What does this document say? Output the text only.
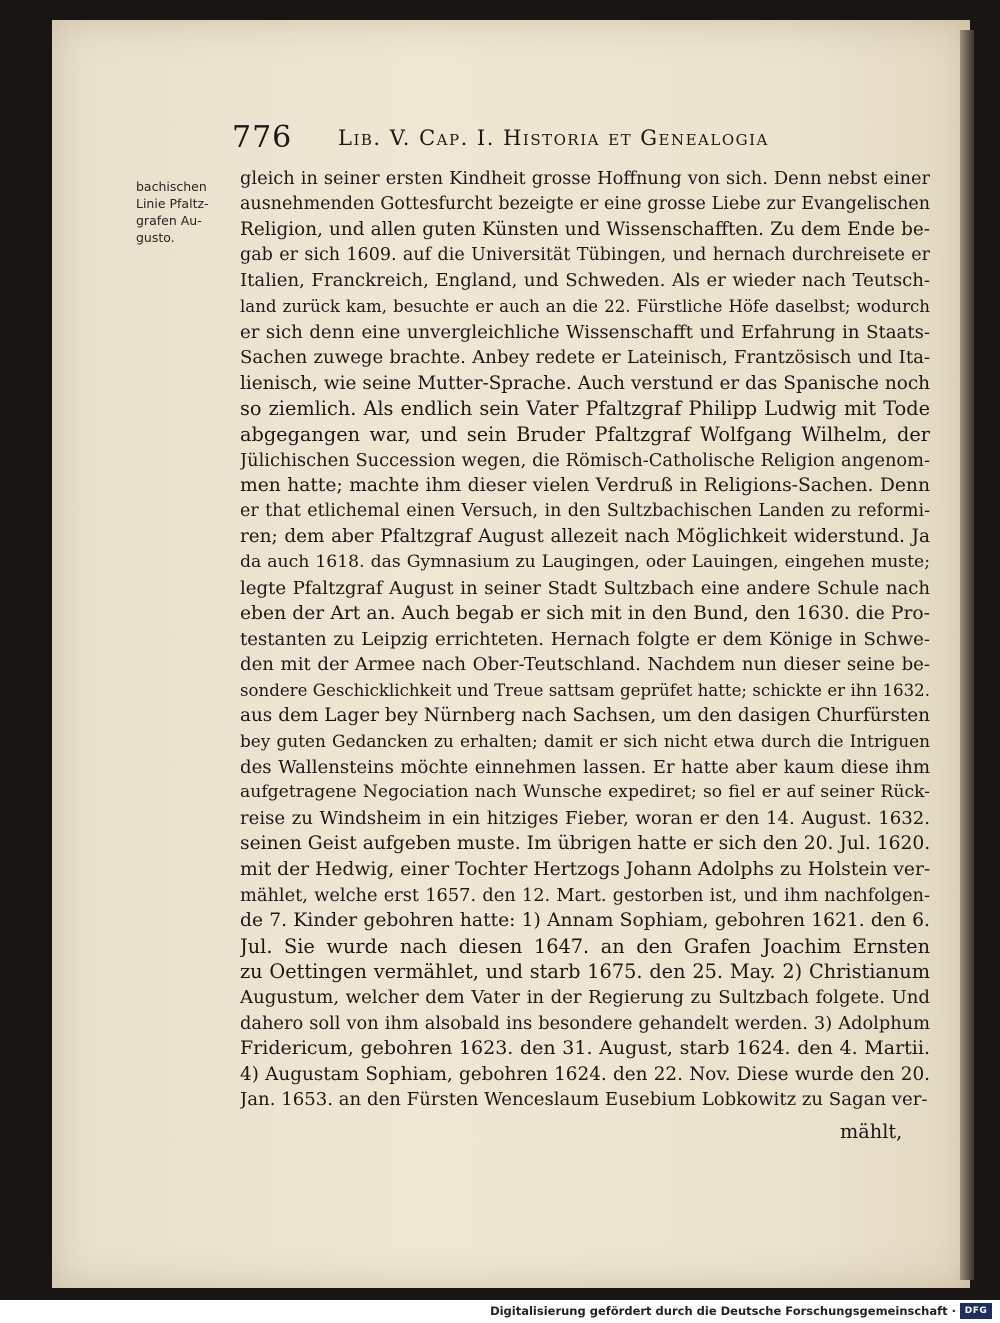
776 Lib. V. Cap. I. Historia et Genealogia
bachischen
Linie Pfaltz-
grafen Au-
gusto.
gleich in seiner ersten Kindheit grosse Hoffnung von sich. Denn nebst einer
ausnehmenden Gottesfurcht bezeigte er eine grosse Liebe zur Evangelischen
Religion, und allen guten Künsten und Wissenschafften. Zu dem Ende be-
gab er sich 1609. auf die Universität Tübingen, und hernach durchreisete er
Italien, Franckreich, England, und Schweden. Als er wieder nach Teutsch-
land zurück kam, besuchte er auch an die 22. Fürstliche Höfe daselbst; wodurch
er sich denn eine unvergleichliche Wissenschafft und Erfahrung in Staats-
Sachen zuwege brachte. Anbey redete er Lateinisch, Frantzösisch und Ita-
lienisch, wie seine Mutter-Sprache. Auch verstund er das Spanische noch
so ziemlich. Als endlich sein Vater Pfaltzgraf Philipp Ludwig mit Tode
abgegangen war, und sein Bruder Pfaltzgraf Wolfgang Wilhelm, der
Jülichischen Succession wegen, die Römisch-Catholische Religion angenom-
men hatte; machte ihm dieser vielen Verdruß in Religions-Sachen. Denn
er that etlichemal einen Versuch, in den Sultzbachischen Landen zu reformi-
ren; dem aber Pfaltzgraf August allezeit nach Möglichkeit widerstund. Ja
da auch 1618. das Gymnasium zu Laugingen, oder Lauingen, eingehen muste;
legte Pfaltzgraf August in seiner Stadt Sultzbach eine andere Schule nach
eben der Art an. Auch begab er sich mit in den Bund, den 1630. die Pro-
testanten zu Leipzig errichteten. Hernach folgte er dem Könige in Schwe-
den mit der Armee nach Ober-Teutschland. Nachdem nun dieser seine be-
sondere Geschicklichkeit und Treue sattsam geprüfet hatte; schickte er ihn 1632.
aus dem Lager bey Nürnberg nach Sachsen, um den dasigen Churfürsten
bey guten Gedancken zu erhalten; damit er sich nicht etwa durch die Intriguen
des Wallensteins möchte einnehmen lassen. Er hatte aber kaum diese ihm
aufgetragene Negociation nach Wunsche expediret; so fiel er auf seiner Rück-
reise zu Windsheim in ein hitziges Fieber, woran er den 14. August. 1632.
seinen Geist aufgeben muste. Im übrigen hatte er sich den 20. Jul. 1620.
mit der Hedwig, einer Tochter Hertzogs Johann Adolphs zu Holstein ver-
mählet, welche erst 1657. den 12. Mart. gestorben ist, und ihm nachfolgen-
de 7. Kinder gebohren hatte: 1) Annam Sophiam, gebohren 1621. den 6.
Jul. Sie wurde nach diesen 1647. an den Grafen Joachim Ernsten
zu Oettingen vermählet, und starb 1675. den 25. May. 2) Christianum
Augustum, welcher dem Vater in der Regierung zu Sultzbach folgete. Und
dahero soll von ihm alsobald ins besondere gehandelt werden. 3) Adolphum
Fridericum, gebohren 1623. den 31. August, starb 1624. den 4. Martii.
4) Augustam Sophiam, gebohren 1624. den 22. Nov. Diese wurde den 20.
Jan. 1653. an den Fürsten Wenceslaum Eusebium Lobkowitz zu Sagan ver-
mählt,
Digitalisierung gefördert durch die Deutsche Forschungsgemeinschaft · DFG
